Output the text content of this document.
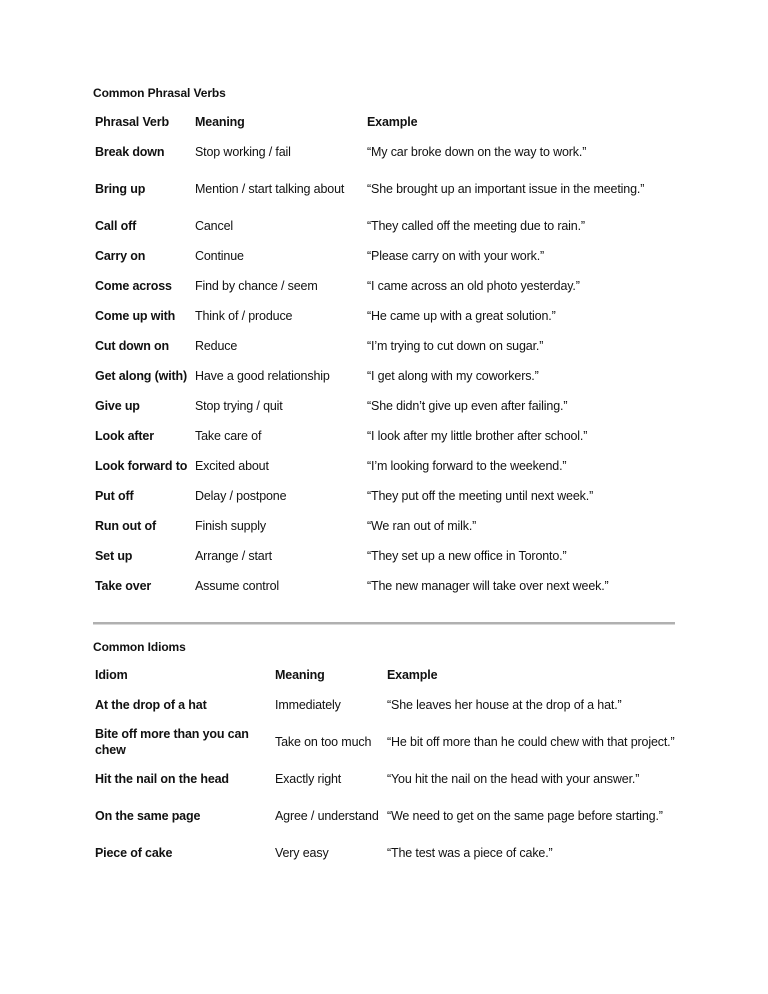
Common Phrasal Verbs
Phrasal Verb	Meaning	Example
Break down	Stop working / fail	“My car broke down on the way to work.”
Bring up	Mention / start talking about	“She brought up an important issue in the meeting.”
Call off	Cancel	“They called off the meeting due to rain.”
Carry on	Continue	“Please carry on with your work.”
Come across	Find by chance / seem	“I came across an old photo yesterday.”
Come up with	Think of / produce	“He came up with a great solution.”
Cut down on	Reduce	“I’m trying to cut down on sugar.”
Get along (with)	Have a good relationship	“I get along with my coworkers.”
Give up	Stop trying / quit	“She didn’t give up even after failing.”
Look after	Take care of	“I look after my little brother after school.”
Look forward to	Excited about	“I’m looking forward to the weekend.”
Put off	Delay / postpone	“They put off the meeting until next week.”
Run out of	Finish supply	“We ran out of milk.”
Set up	Arrange / start	“They set up a new office in Toronto.”
Take over	Assume control	“The new manager will take over next week.”
Common Idioms
Idiom	Meaning	Example
At the drop of a hat	Immediately	“She leaves her house at the drop of a hat.”
Bite off more than you can chew	Take on too much	“He bit off more than he could chew with that project.”
Hit the nail on the head	Exactly right	“You hit the nail on the head with your answer.”
On the same page	Agree / understand	“We need to get on the same page before starting.”
Piece of cake	Very easy	“The test was a piece of cake.”
